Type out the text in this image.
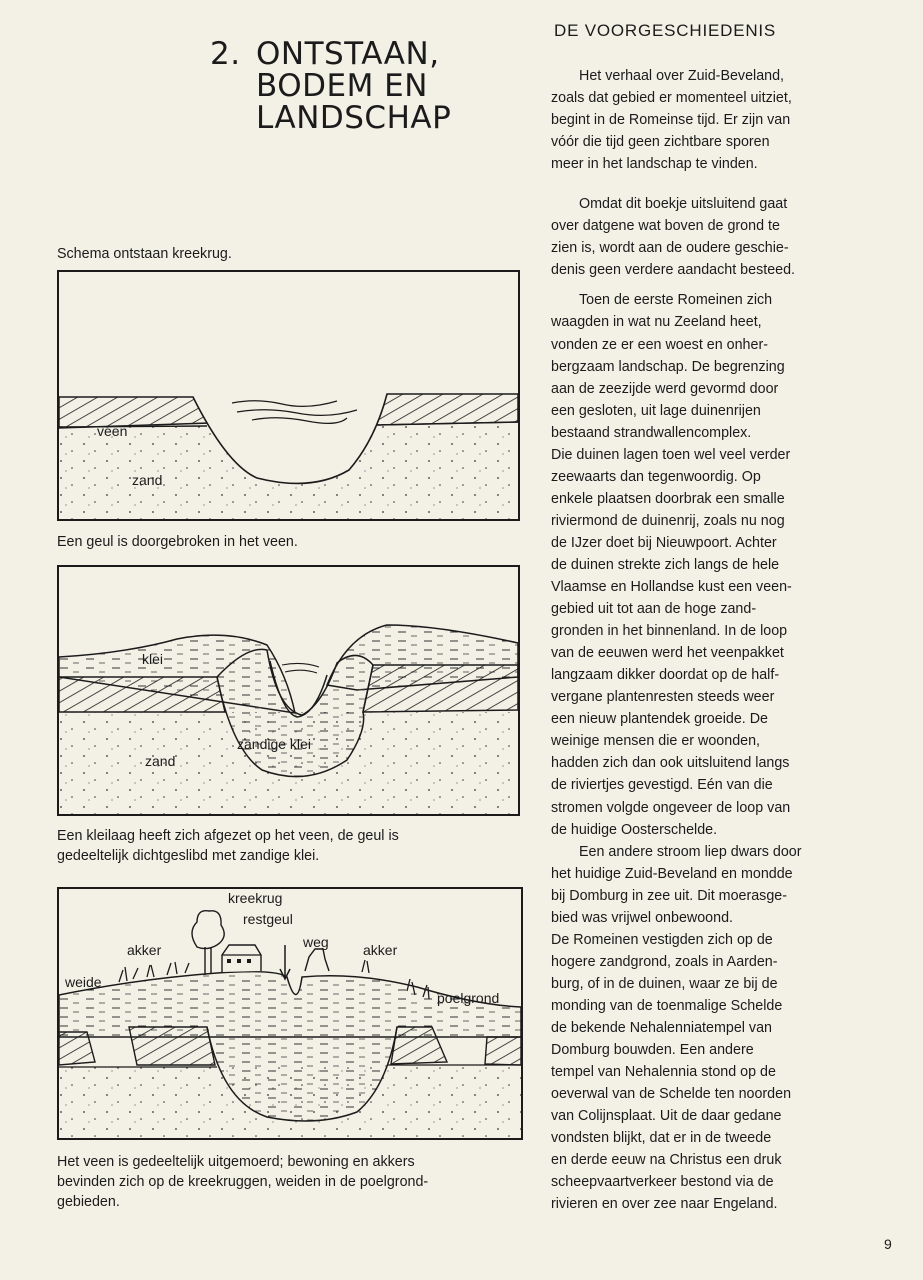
2. ONTSTAAN,
BODEM EN
LANDSCHAP
DE VOORGESCHIEDENIS
Het verhaal over Zuid-Beveland,
zoals dat gebied er momenteel uitziet,
begint in de Romeinse tijd. Er zijn van
vóór die tijd geen zichtbare sporen
meer in het landschap te vinden.
Omdat dit boekje uitsluitend gaat
over datgene wat boven de grond te
zien is, wordt aan de oudere geschie-
denis geen verdere aandacht besteed.
Toen de eerste Romeinen zich
waagden in wat nu Zeeland heet,
vonden ze er een woest en onher-
bergzaam landschap. De begrenzing
aan de zeezijde werd gevormd door
een gesloten, uit lage duinenrijen
bestaand strandwallencomplex.
Die duinen lagen toen wel veel verder
zeewaarts dan tegenwoordig. Op
enkele plaatsen doorbrak een smalle
riviermond de duinenrij, zoals nu nog
de IJzer doet bij Nieuwpoort. Achter
de duinen strekte zich langs de hele
Vlaamse en Hollandse kust een veen-
gebied uit tot aan de hoge zand-
gronden in het binnenland. In de loop
van de eeuwen werd het veenpakket
langzaam dikker doordat op de half-
vergane plantenresten steeds weer
een nieuw plantendek groeide. De
weinige mensen die er woonden,
hadden zich dan ook uitsluitend langs
de riviertjes gevestigd. Eén van die
stromen volgde ongeveer de loop van
de huidige Oosterschelde.
Een andere stroom liep dwars door
het huidige Zuid-Beveland en mondde
bij Domburg in zee uit. Dit moerasge-
bied was vrijwel onbewoond.
De Romeinen vestigden zich op de
hogere zandgrond, zoals in Aarden-
burg, of in de duinen, waar ze bij de
monding van de toenmalige Schelde
de bekende Nehalenniatempel van
Domburg bouwden. Een andere
tempel van Nehalennia stond op de
oeverwal van de Schelde ten noorden
van Colijnsplaat. Uit de daar gedane
vondsten blijkt, dat er in de tweede
en derde eeuw na Christus een druk
scheepvaartverkeer bestond via de
rivieren en over zee naar Engeland.

Schema ontstaan kreekrug.

veen
zand

Een geul is doorgebroken in het veen.

klei
zand
zandige klei

Een kleilaag heeft zich afgezet op het veen, de geul is
gedeeltelijk dichtgeslibd met zandige klei.

kreekrug
restgeul
weg
akker	akker
weide
poelgrond

Het veen is gedeeltelijk uitgemoerd; bewoning en akkers
bevinden zich op de kreekruggen, weiden in de poelgrond-
gebieden.

9
